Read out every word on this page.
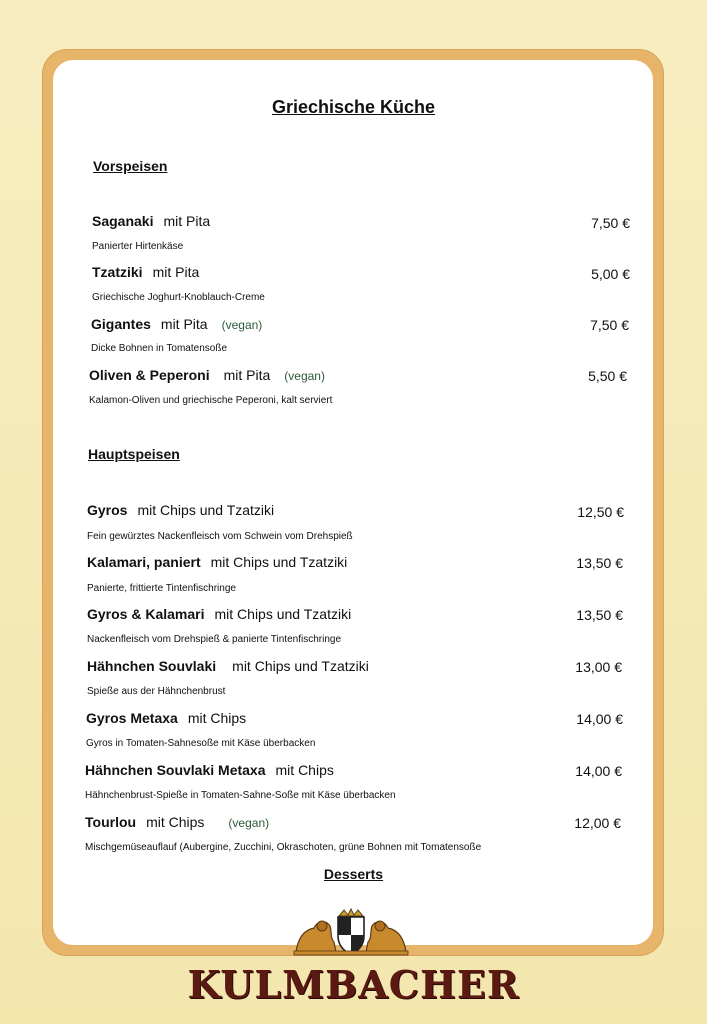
Griechische Küche
Vorspeisen
Saganaki mit Pita	7,50 €
Panierter Hirtenkäse
Tzatziki mit Pita	5,00 €
Griechische Joghurt-Knoblauch-Creme
Gigantes mit Pita (vegan)	7,50 €
Dicke Bohnen in Tomatensoße
Oliven & Peperoni mit Pita (vegan)	5,50 €
Kalamon-Oliven und griechische Peperoni, kalt serviert
Hauptspeisen
Gyros mit Chips und Tzatziki	12,50 €
Fein gewürztes Nackenfleisch vom Schwein vom Drehspieß
Kalamari, paniert mit Chips und Tzatziki	13,50 €
Panierte, frittierte Tintenfischringe
Gyros & Kalamari mit Chips und Tzatziki	13,50 €
Nackenfleisch vom Drehspieß & panierte Tintenfischringe
Hähnchen Souvlaki mit Chips und Tzatziki	13,00 €
Spieße aus der Hähnchenbrust
Gyros Metaxa mit Chips	14,00 €
Gyros in Tomaten-Sahnesoße mit Käse überbacken
Hähnchen Souvlaki Metaxa mit Chips	14,00 €
Hähnchenbrust-Spieße in Tomaten-Sahne-Soße mit Käse überbacken
Tourlou mit Chips (vegan)	12,00 €
Mischgemüseauflauf (Aubergine, Zucchini, Okraschoten, grüne Bohnen mit Tomatensoße
Desserts
KULMBACHER
